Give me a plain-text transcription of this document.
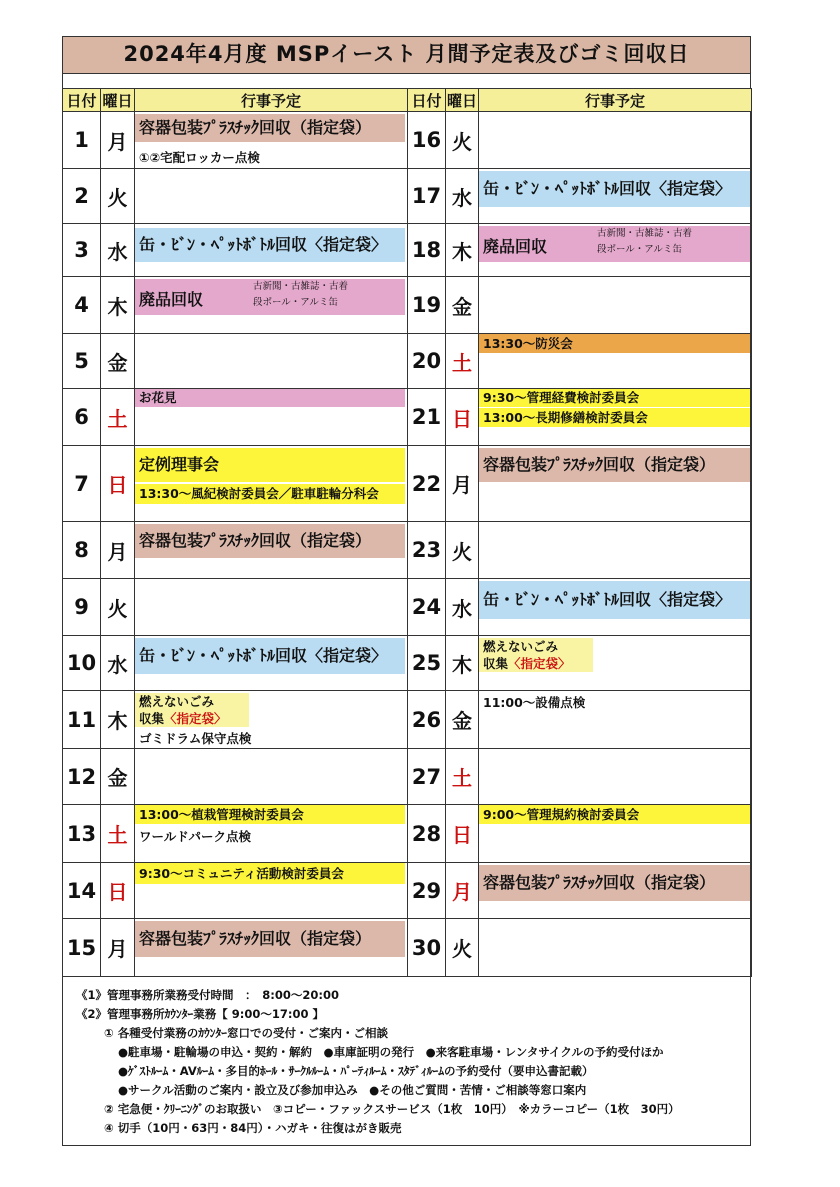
2024年4月度 MSPイースト 月間予定表及びゴミ回収日
日付	曜日	行事予定
1	月	容器包装ﾌﾟﾗｽﾁｯｸ回収（指定袋）
①②宅配ロッカー点検

2	火	
3	水	缶・ﾋﾞﾝ・ﾍﾟｯﾄﾎﾞﾄﾙ回収〈指定袋〉

4	木	廃品回収
古新聞・古雑誌・古着
段ボール・アルミ缶

5	金	
6	土	お花見

7	日	定例理事会
13:30～風紀検討委員会／駐車駐輪分科会

8	月	容器包装ﾌﾟﾗｽﾁｯｸ回収（指定袋）

9	火	
10	水	缶・ﾋﾞﾝ・ﾍﾟｯﾄﾎﾞﾄﾙ回収〈指定袋〉

11	木	燃えないごみ
収集〈指定袋〉
ゴミドラム保守点検

12	金	
13	土	13:00～植栽管理検討委員会
ワールドパーク点検

14	日	9:30～コミュニティ活動検討委員会

15	月	容器包装ﾌﾟﾗｽﾁｯｸ回収（指定袋）
日付	曜日	行事予定
16	火	
17	水	缶・ﾋﾞﾝ・ﾍﾟｯﾄﾎﾞﾄﾙ回収〈指定袋〉

18	木	廃品回収
古新聞・古雑誌・古着
段ボール・アルミ缶

19	金	
20	土	13:30～防災会

21	日	9:30～管理経費検討委員会
13:00～長期修繕検討委員会

22	月	容器包装ﾌﾟﾗｽﾁｯｸ回収（指定袋）

23	火	
24	水	缶・ﾋﾞﾝ・ﾍﾟｯﾄﾎﾞﾄﾙ回収〈指定袋〉

25	木	燃えないごみ
収集〈指定袋〉

26	金	11:00～設備点検

27	土	
28	日	9:00～管理規約検討委員会

29	月	容器包装ﾌﾟﾗｽﾁｯｸ回収（指定袋）

30	火	
《1》管理事務所業務受付時間　：　8:00～20:00
《2》管理事務所ｶｳﾝﾀｰ業務【 9:00～17:00 】
① 各種受付業務のｶｳﾝﾀｰ窓口での受付・ご案内・ご相談
●駐車場・駐輪場の申込・契約・解約　●車庫証明の発行　●来客駐車場・レンタサイクルの予約受付ほか
●ｹﾞｽﾄﾙｰﾑ・AVﾙｰﾑ・多目的ﾎｰﾙ・ｻｰｸﾙﾙｰﾑ・ﾊﾟｰﾃｨﾙｰﾑ・ｽﾀﾃﾞｨﾙｰﾑの予約受付（要申込書記載）
●サークル活動のご案内・設立及び参加申込み　●その他ご質問・苦情・ご相談等窓口案内
② 宅急便・ｸﾘｰﾆﾝｸﾞのお取扱い　③コピー・ファックスサービス（1枚　10円）　※カラーコピー（1枚　30円）
④ 切手（10円・63円・84円）・ハガキ・往復はがき販売
